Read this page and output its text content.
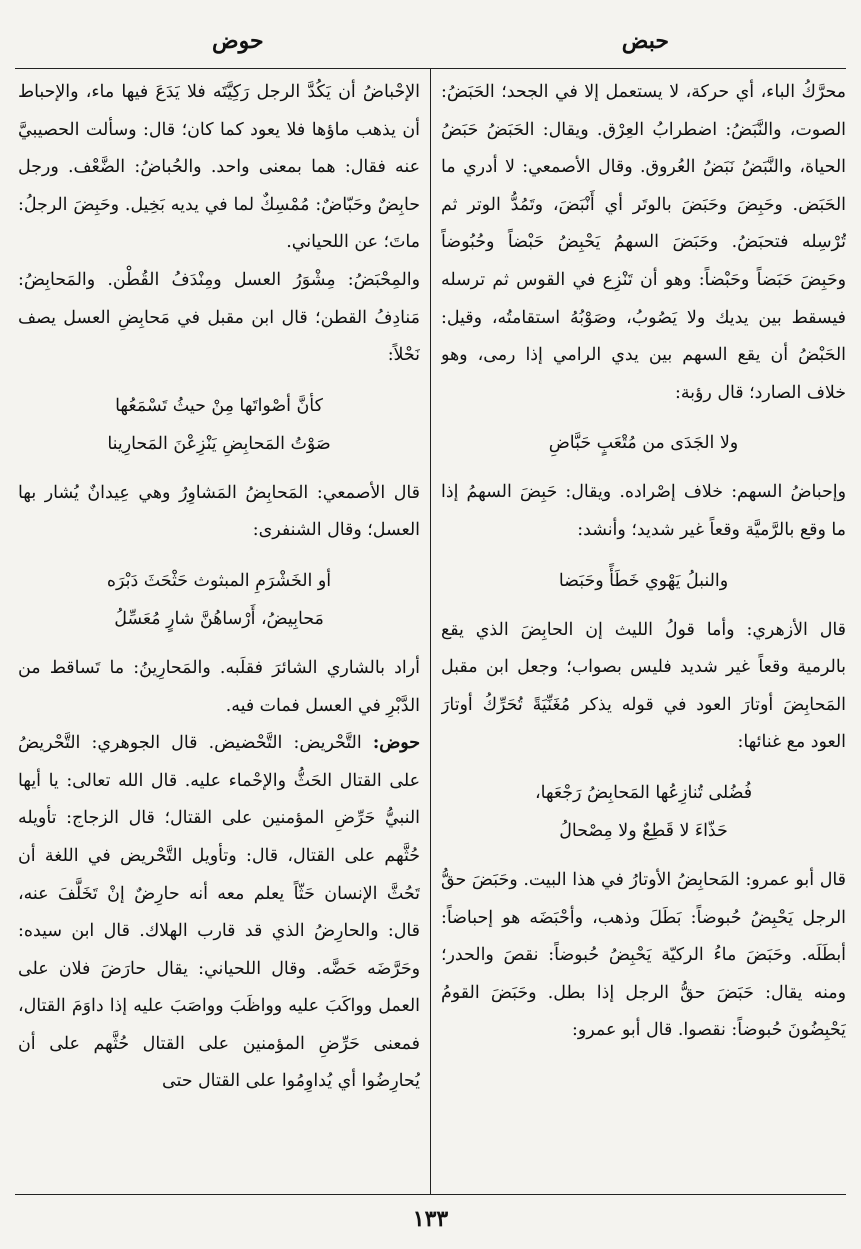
حبض
حوض

محرَّكُ الباء، أي حركة، لا يستعمل إلا في الجحد؛ الحَبَضُ: الصوت، والنَّبَضُ: اضطرابُ العِرْق. ويقال: الحَبَضُ حَبَضُ الحياة، والنَّبَضُ نَبَضُ العُروق. وقال الأصمعي: لا أدري ما الحَبَض. وحَبِضَ وحَبَضَ بالوتَر أي أَنْبَضَ، وتَمُدُّ الوتر ثم تُرْسِله فتحبَضُ. وحَبَضَ السهمُ يَحْبِضُ حَبْضاً وحُبُوضاً وحَبِضَ حَبَضاً وحَبْضاً: وهو أن تَنْزِع في القوس ثم ترسله فيسقط بين يديك ولا يَصُوبُ، وصَوْبُهُ استقامتُه، وقيل: الحَبْضُ أن يقع السهم بين يدي الرامي إذا رمى، وهو خلاف الصارد؛ قال رؤبة:

ولا الجَدَى من مُتْعَبٍ حَبَّاضِ

وإحباضُ السهم: خلاف إصْراده. ويقال: حَبِضَ السهمُ إذا ما وقع بالرَّميَّة وقعاً غير شديد؛ وأنشد:

والنبلُ يَهْوي خَطَأً وحَبَضا

قال الأزهري: وأما قولُ الليث إن الحابِضَ الذي يقع بالرمية وقعاً غير شديد فليس بصواب؛ وجعل ابن مقبل المَحابِضَ أوتارَ العود في قوله يذكر مُغَنِّيَةً تُحَرِّكُ أوتارَ العود مع غنائها:

فُضُلى تُنازِعُها المَحابِضُ رَجْعَها،
حَذّاءَ لا قَطِعٌ ولا مِصْحالُ

قال أبو عمرو: المَحابِضُ الأوتارُ في هذا البيت. وحَبَضَ حقُّ الرجل يَحْبِضُ حُبوضاً: بَطَلَ وذهب، وأحْبَضَه هو إحباضاً: أبطَلَه. وحَبَضَ ماءُ الركيّة يَحْبِضُ حُبوضاً: نقصَ والحدر؛ ومنه يقال: حَبَضَ حقُّ الرجل إذا بطل. وحَبَضَ القومُ يَحْبِضُونَ حُبوضاً: نقصوا. قال أبو عمرو:

الإحْباضُ أن يَكُدَّ الرجل رَكِيَّتَه فلا يَدَعَ فيها ماء، والإحباط أن يذهب ماؤها فلا يعود كما كان؛ قال: وسألت الحصيبيَّ عنه فقال: هما بمعنى واحد. والحُباضُ: الضَّعْف. ورجل حابِضٌ وحَبّاضٌ: مُمْسِكٌ لما في يديه بَخِيل. وحَبِضَ الرجلُ: ماتَ؛ عن اللحياني.

والمِحْبَضُ: مِشْوَرُ العسل ومِنْدَفُ القُطْن. والمَحابِضُ: مَنادِفُ القطن؛ قال ابن مقبل في مَحابِضِ العسل يصف نَحْلاً:

كأنَّ أصْواتَها مِنْ حيثُ تَسْمَعُها
صَوْتُ المَحابِضِ يَنْزِعْنَ المَحارِينا

قال الأصمعي: المَحابِضُ المَشاوِرُ وهي عِيدانٌ يُشار بها العسل؛ وقال الشنفرى:

أو الخَشْرَمِ المبثوث حَثْحَثَ دَبْرَه
مَحابِيضُ، أَرْساهُنَّ شارٍ مُعَسِّلُ

أراد بالشاري الشائرَ فقلَبه. والمَحارِينُ: ما تَساقط من الدَّبْرِ في العسل فمات فيه.

حوض: التَّحْريض: التَّحْضيض. قال الجوهري: التَّحْريضُ على القتال الحَثُّ والإحْماء عليه. قال الله تعالى: يا أيها النبيُّ حَرِّضِ المؤمنين على القتال؛ قال الزجاج: تأويله حُثَّهم على القتال، قال: وتأويل التَّحْريض في اللغة أن تَحُثَّ الإنسان حَثّاً يعلم معه أنه حارِضٌ إنْ تَخَلَّفَ عنه، قال: والحارِضُ الذي قد قارب الهلاك. قال ابن سيده: وحَرَّضَه حَضَّه. وقال اللحياني: يقال حارَضَ فلان على العمل وواكَبَ عليه وواظَبَ وواصَبَ عليه إذا داوَمَ القتال، فمعنى حَرِّضِ المؤمنين على القتال حُثَّهم على أن يُحارِضُوا أي يُداوِمُوا على القتال حتى

١٣٣
